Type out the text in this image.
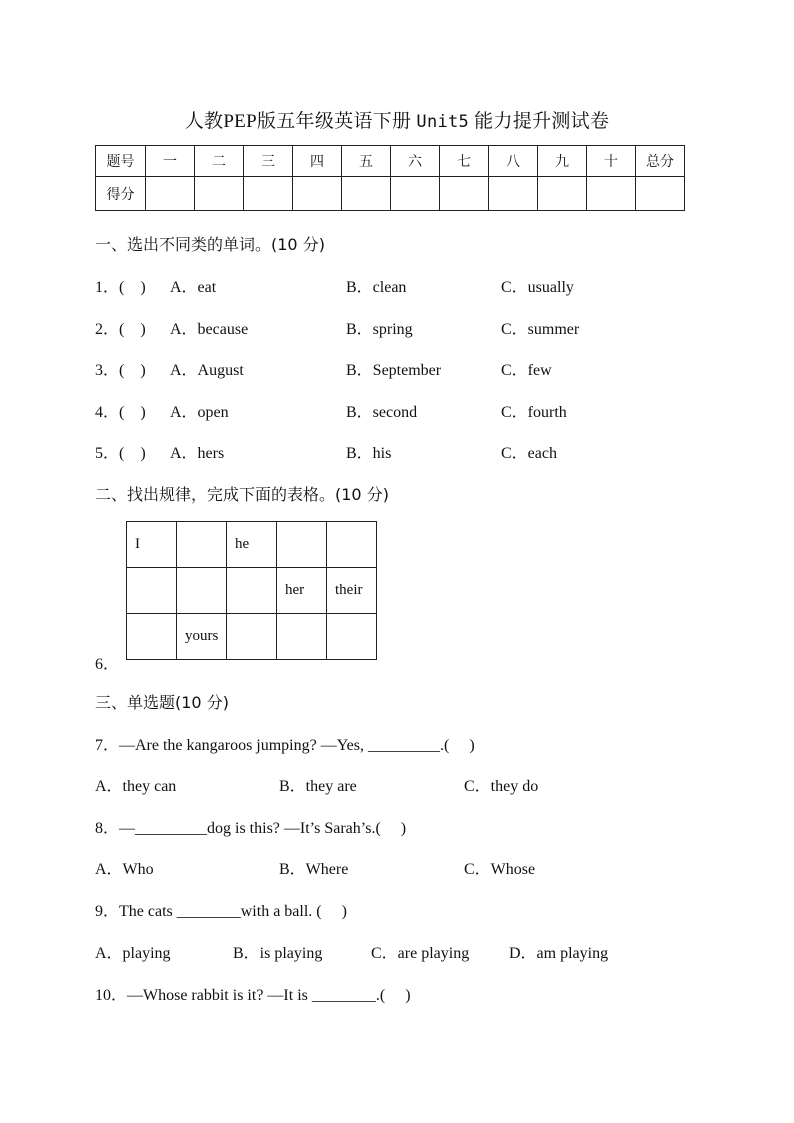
人教PEP版五年级英语下册 Unit5 能力提升测试卷
题号	一	二	三	四	五	六	七	八	九	十	总分
得分											
一、选出不同类的单词。(10 分)
1．(　) A．eat	B．clean	C．usually
2．(　) A．because	B．spring	C．summer
3．(　) A．August	B．September	C．few
4．(　) A．open	B．second	C．fourth
5．(　) A．hers	B．his	C．each
二、找出规律，完成下面的表格。(10 分)
I		he		
			her	their
	yours			
6．
三、单选题(10 分)
7．—Are the kangaroos jumping? —Yes, _________.(　 )
A．they can	B．they are	C．they do
8．—_________dog is this? —It’s Sarah’s.(　 )
A．Who	B．Where	C．Whose
9．The cats ________with a ball. (　 )
A．playing	B．is playing	C．are playing D．am playing
10．—Whose rabbit is it? —It is ________.(　 )
